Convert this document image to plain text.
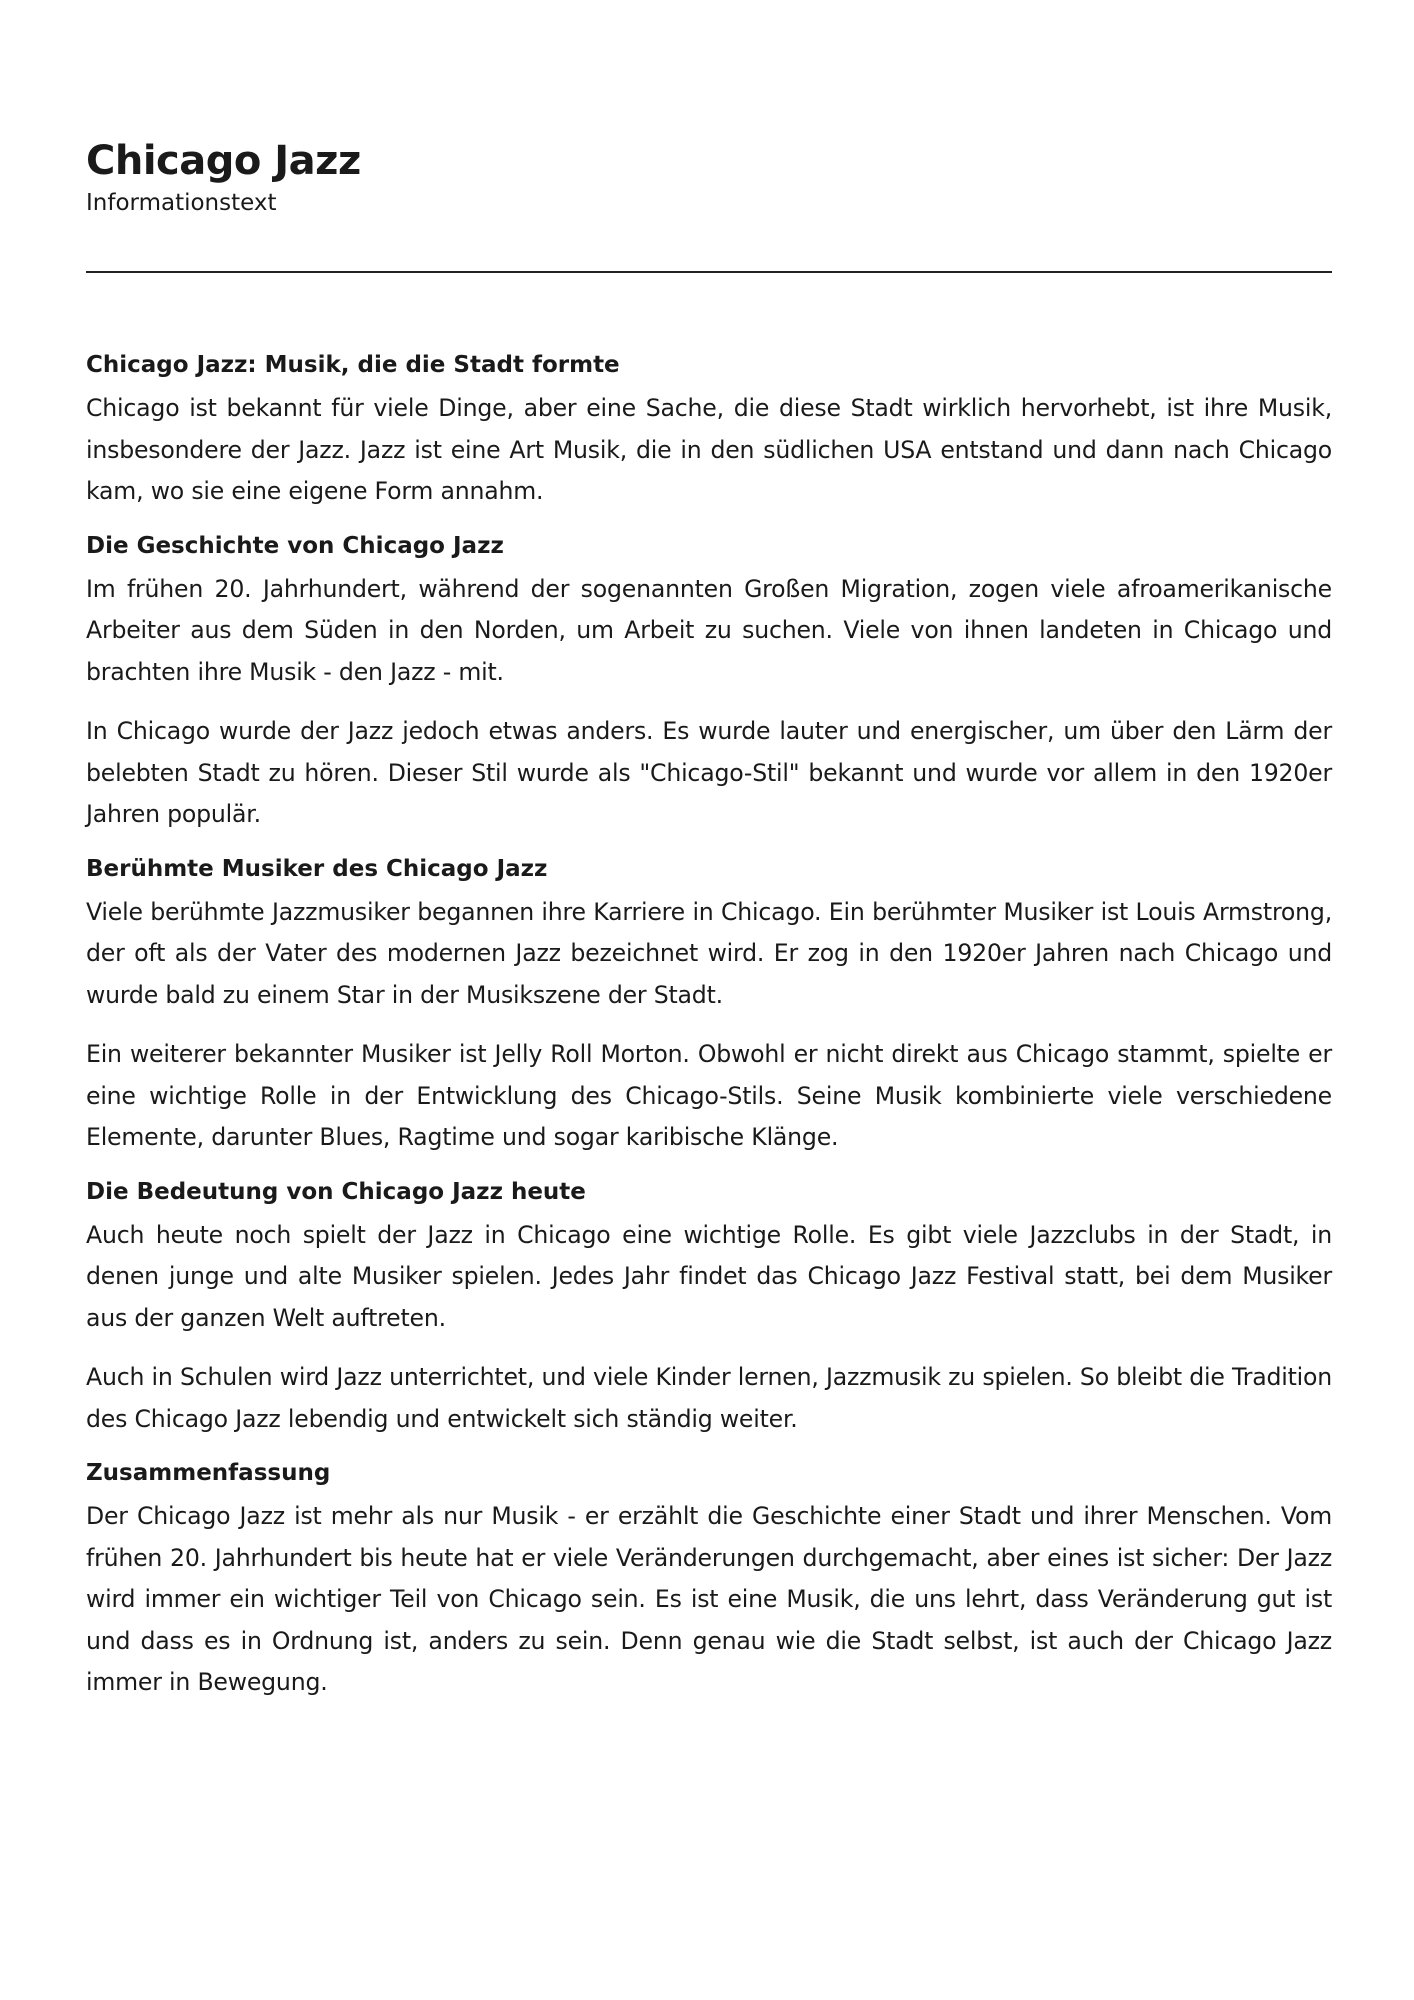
Chicago Jazz

Informationstext

Chicago Jazz: Musik, die die Stadt formte

Chicago ist bekannt für viele Dinge, aber eine Sache, die diese Stadt wirklich hervorhebt, ist ihre Musik, insbesondere der Jazz. Jazz ist eine Art Musik, die in den südlichen USA entstand und dann nach Chicago kam, wo sie eine eigene Form annahm.

Die Geschichte von Chicago Jazz

Im frühen 20. Jahrhundert, während der sogenannten Großen Migration, zogen viele afroamerikanische Arbeiter aus dem Süden in den Norden, um Arbeit zu suchen. Viele von ihnen landeten in Chicago und brachten ihre Musik - den Jazz - mit.

In Chicago wurde der Jazz jedoch etwas anders. Es wurde lauter und energischer, um über den Lärm der belebten Stadt zu hören. Dieser Stil wurde als "Chicago-Stil" bekannt und wurde vor allem in den 1920er Jahren populär.

Berühmte Musiker des Chicago Jazz

Viele berühmte Jazzmusiker begannen ihre Karriere in Chicago. Ein berühmter Musiker ist Louis Armstrong, der oft als der Vater des modernen Jazz bezeichnet wird. Er zog in den 1920er Jahren nach Chicago und wurde bald zu einem Star in der Musikszene der Stadt.

Ein weiterer bekannter Musiker ist Jelly Roll Morton. Obwohl er nicht direkt aus Chicago stammt, spielte er eine wichtige Rolle in der Entwicklung des Chicago-Stils. Seine Musik kombinierte viele verschiedene Elemente, darunter Blues, Ragtime und sogar karibische Klänge.

Die Bedeutung von Chicago Jazz heute

Auch heute noch spielt der Jazz in Chicago eine wichtige Rolle. Es gibt viele Jazzclubs in der Stadt, in denen junge und alte Musiker spielen. Jedes Jahr findet das Chicago Jazz Festival statt, bei dem Musiker aus der ganzen Welt auftreten.

Auch in Schulen wird Jazz unterrichtet, und viele Kinder lernen, Jazzmusik zu spielen. So bleibt die Tradition des Chicago Jazz lebendig und entwickelt sich ständig weiter.

Zusammenfassung

Der Chicago Jazz ist mehr als nur Musik - er erzählt die Geschichte einer Stadt und ihrer Menschen. Vom frühen 20. Jahrhundert bis heute hat er viele Veränderungen durchgemacht, aber eines ist sicher: Der Jazz wird immer ein wichtiger Teil von Chicago sein. Es ist eine Musik, die uns lehrt, dass Veränderung gut ist und dass es in Ordnung ist, anders zu sein. Denn genau wie die Stadt selbst, ist auch der Chicago Jazz immer in Bewegung.
